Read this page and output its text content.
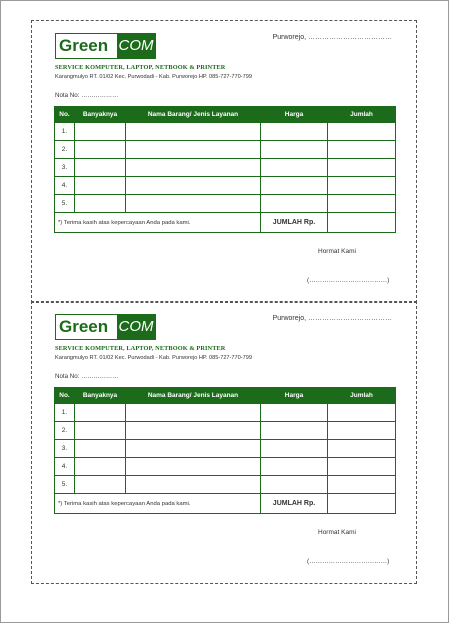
Green COM	Purworejo, ………………………………
SERVICE KOMPUTER, LAPTOP, NETBOOK & PRINTER
Karangmulyo RT. 01/02 Kec. Purwodadi - Kab. Purworejo HP. 085-727-770-799
Nota No: ………………
No.	Banyaknya	Nama Barang/ Jenis Layanan	Harga	Jumlah
1.				
2.				
3.				
4.				
5.				
*) Terima kasih atas kepercayaan Anda pada kami.			JUMLAH Rp.	
Hormat Kami
(………………………………)
Green COM	Purworejo, ………………………………
SERVICE KOMPUTER, LAPTOP, NETBOOK & PRINTER
Karangmulyo RT. 01/02 Kec. Purwodadi - Kab. Purworejo HP. 085-727-770-799
Nota No: ………………
No.	Banyaknya	Nama Barang/ Jenis Layanan	Harga	Jumlah
1.				
2.				
3.				
4.				
5.				
*) Terima kasih atas kepercayaan Anda pada kami.			JUMLAH Rp.	
Hormat Kami
(………………………………)
